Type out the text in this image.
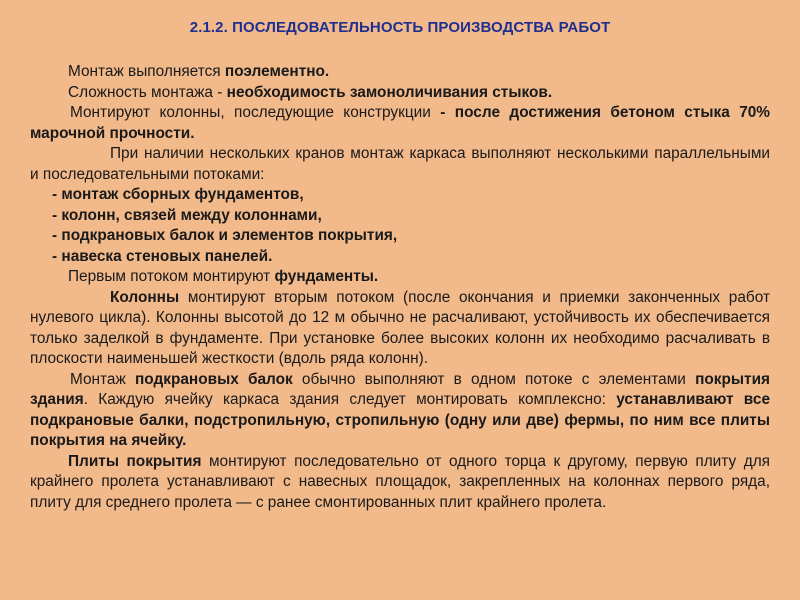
2.1.2. ПОСЛЕДОВАТЕЛЬНОСТЬ ПРОИЗВОДСТВА РАБОТ

Монтаж выполняется поэлементно.

Сложность монтажа - необходимость замоноличивания стыков.

Монтируют колонны, последующие конструкции - после достижения бетоном стыка 70% марочной прочности.

При наличии нескольких кранов монтаж каркаса выполняют несколькими параллельными и последовательными потоками:

- монтаж сборных фундаментов,

- колонн, связей между колоннами,

- подкрановых балок и элементов покрытия,

- навеска стеновых панелей.

Первым потоком монтируют фундаменты.

Колонны монтируют вторым потоком (после окончания и приемки законченных работ нулевого цикла). Колонны высотой до 12 м обычно не расчаливают, устойчивость их обеспечивается только заделкой в фундаменте. При установке более высоких колонн их необходимо расчаливать в плоскости наименьшей жесткости (вдоль ряда колонн).

Монтаж подкрановых балок обычно выполняют в одном потоке с элементами покрытия здания. Каждую ячейку каркаса здания следует монтировать комплексно: устанавливают все подкрановые балки, подстропильную, стропильную (одну или две) фермы, по ним все плиты покрытия на ячейку.

Плиты покрытия монтируют последовательно от одного торца к другому, первую плиту для крайнего пролета устанавливают с навесных площадок, закрепленных на колоннах первого ряда, плиту для среднего пролета — с ранее смонтированных плит крайнего пролета.
